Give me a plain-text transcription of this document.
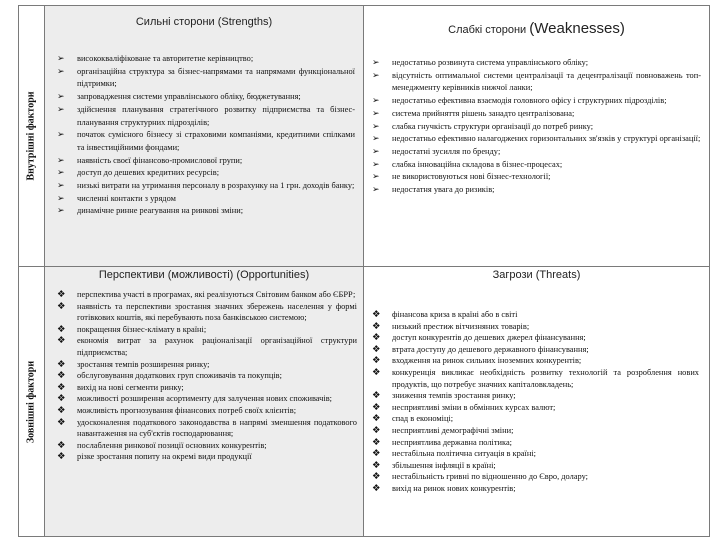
Внутрішні фактори
Зовнішні фактори
Сильні сторони (Strengths)
Слабкі сторони (Weaknesses)
Перспективи (можливості) (Opportunities)	Загрози (Threats)
➢ висококваліфіковане та авторитетне керівництво;
➢ організаційна структура за бізнес-напрямами та напрямами функціональної підтримки;
➢ запровадження системи управлінського обліку, бюджетування;
➢ здійснення планування стратегічного розвитку підприємства та бізнес-планування структурних підрозділів;
➢ початок сумісного бізнесу зі страховими компаніями, кредитними спілками та інвестиційними фондами;
➢ наявність своєї фінансово-промислової групи;
➢ доступ до дешевих кредитних ресурсів;
➢ низькі витрати на утримання персоналу в розрахунку на 1 грн. доходів банку;
➢ численні контакти з урядом
➢ динамічне ринне реагування на ринкові зміни;
➢ недостатньо розвинута система управлінського обліку;
➢ відсутність оптимальної системи централізації та децентралізації повноважень топ-менеджменту керівників нижчої ланки;
➢ недостатньо ефективна взаємодія головного офісу і структурних підрозділів;
➢ система прийняття рішень занадто централізована;
➢ слабка гнучкість структури організації до потреб ринку;
➢ недостатньо ефективно налагоджених горизонтальних зв'язків у структурі організації;
➢ недостатні зусилля по брендy;
➢ слабка інноваційна складова в бізнес-процесах;
➢ не використовуються нові бізнес-технології;
➢ недостатня увага до ризиків;
❖ перспектива участі в програмах, які реалізуються Світовим банком або ЄБРР;
❖ наявність та перспективи зростання значних збережень населення у формі готівкових коштів, які перебувають поза банківською системою;
❖ покращення бізнес-клімату в країні;
❖ економія витрат за рахунок раціоналізації організаційної структури підприємства;
❖ зростання темпів розширення ринку;
❖ обслуговування додаткових груп споживачів та покупців;
❖ вихід на нові сегменти ринку;
❖ можливості розширення асортименту для залучення нових споживачів;
❖ можливість прогнозування фінансових потреб своїх клієнтів;
❖ удосконалення податкового законодавства в напрямі зменшення податкового навантаження на суб'єктів господарювання;
❖ послаблення ринкової позиції основних конкурентів;
❖ різке зростання попиту на окремі види продукції
❖ фінансова криза в країні або в світі
❖ низький престиж вітчизняних товарів;
❖ доступ конкурентів до дешевих джерел фінансування;
❖ втрата доступу до дешевого державного фінансування;
❖ входження на ринок сильних іноземних конкурентів;
❖ конкуренція викликає необхідність розвитку технологій та розроблення нових продуктів, що потребує значних капіталовкладень;
❖ зниження темпів зростання ринку;
❖ несприятливі зміни в обмінних курсах валют;
❖ спад в економіці;
❖ несприятливі демографічні зміни;
❖ несприятлива державна політика;
❖ нестабільна політична ситуація в країні;
❖ збільшення інфляції в країні;
❖ нестабільність гривні по відношенню до Євро, долару;
❖ вихід на ринок нових конкурентів;
